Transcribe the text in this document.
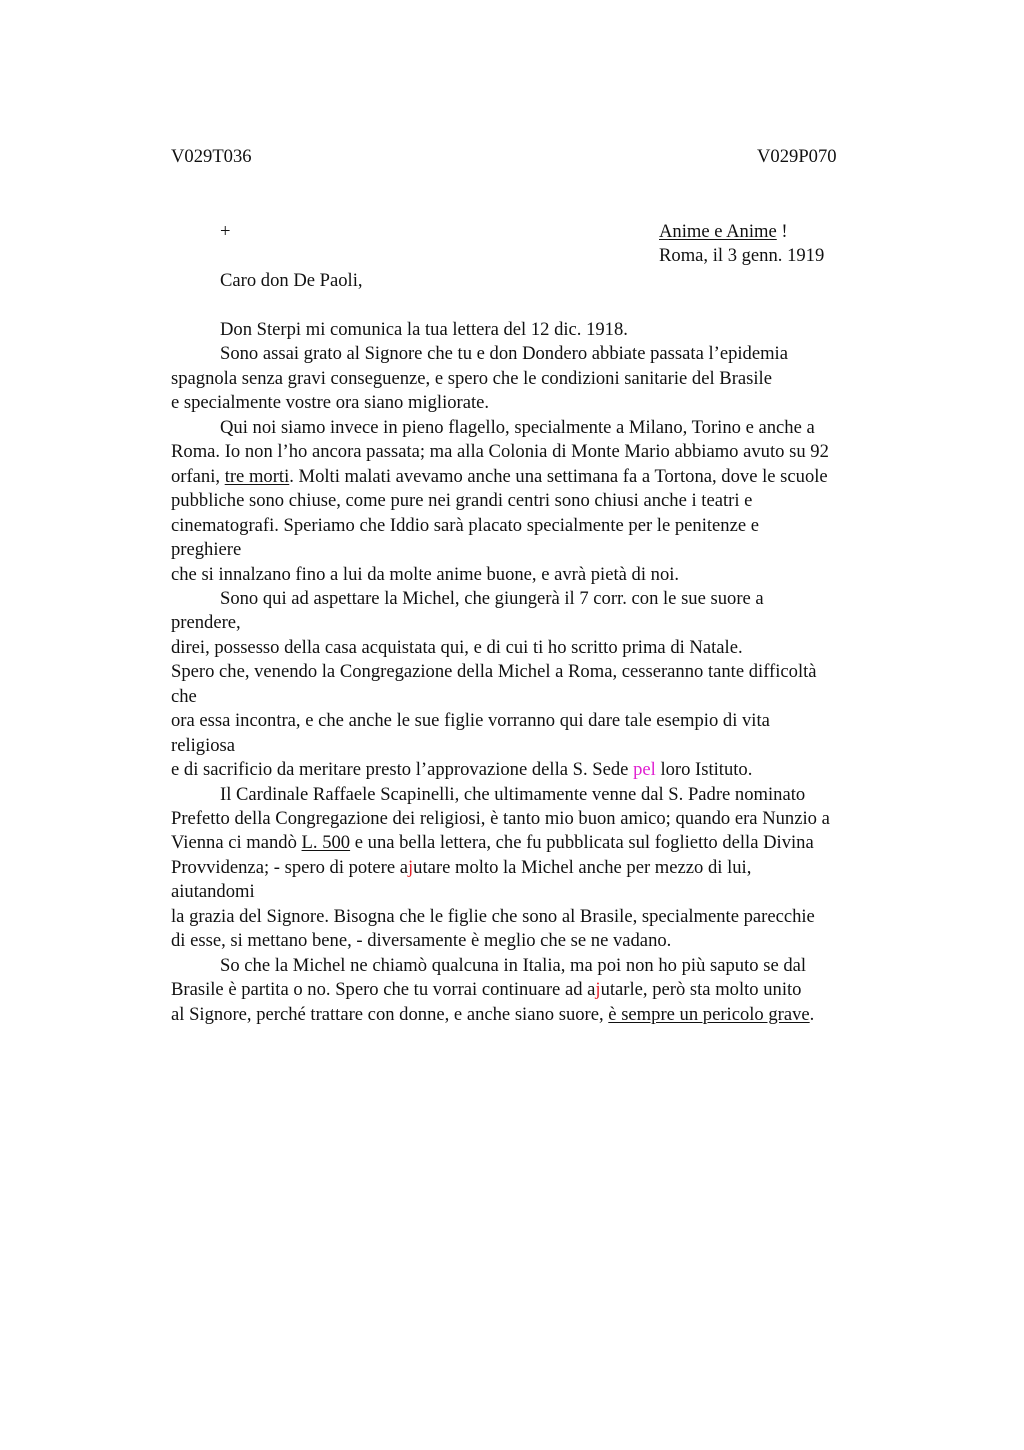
V029T036	V029P070
+	Anime e Anime !
Roma, il 3 genn. 1919
Caro don De Paoli,
Don Sterpi mi comunica la tua lettera del 12 dic. 1918.
Sono assai grato al Signore che tu e don Dondero abbiate passata l’epidemia
spagnola senza gravi conseguenze, e spero che le condizioni sanitarie del Brasile
e specialmente vostre ora siano migliorate.
Qui noi siamo invece in pieno flagello, specialmente a Milano, Torino e anche a
Roma. Io non l’ho ancora passata; ma alla Colonia di Monte Mario abbiamo avuto su 92
orfani, tre morti. Molti malati avevamo anche una settimana fa a Tortona, dove le scuole
pubbliche sono chiuse, come pure nei grandi centri sono chiusi anche i teatri e
cinematografi. Speriamo che Iddio sarà placato specialmente per le penitenze e
preghiere
che si innalzano fino a lui da molte anime buone, e avrà pietà di noi.
Sono qui ad aspettare la Michel, che giungerà il 7 corr. con le sue suore a
prendere,
direi, possesso della casa acquistata qui, e di cui ti ho scritto prima di Natale.
Spero che, venendo la Congregazione della Michel a Roma, cesseranno tante difficoltà
che
ora essa incontra, e che anche le sue figlie vorranno qui dare tale esempio di vita
religiosa
e di sacrificio da meritare presto l’approvazione della S. Sede pel loro Istituto.
Il Cardinale Raffaele Scapinelli, che ultimamente venne dal S. Padre nominato
Prefetto della Congregazione dei religiosi, è tanto mio buon amico; quando era Nunzio a
Vienna ci mandò L. 500 e una bella lettera, che fu pubblicata sul foglietto della Divina
Provvidenza; - spero di potere ajutare molto la Michel anche per mezzo di lui,
aiutandomi
la grazia del Signore. Bisogna che le figlie che sono al Brasile, specialmente parecchie
di esse, si mettano bene, - diversamente è meglio che se ne vadano.
So che la Michel ne chiamò qualcuna in Italia, ma poi non ho più saputo se dal
Brasile è partita o no. Spero che tu vorrai continuare ad ajutarle, però sta molto unito
al Signore, perché trattare con donne, e anche siano suore, è sempre un pericolo grave.
